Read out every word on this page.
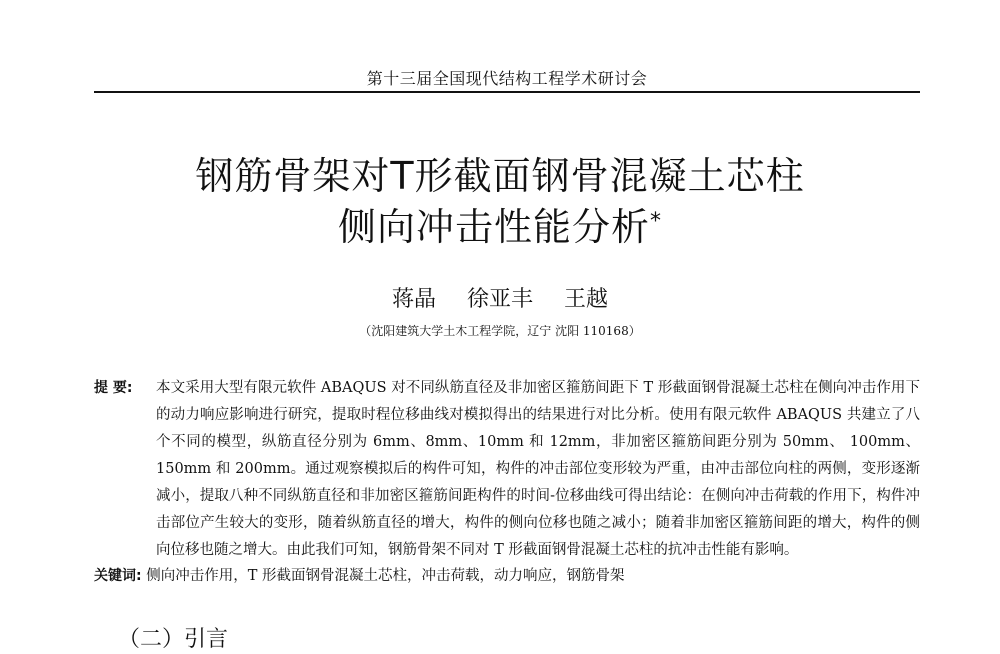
第十三届全国现代结构工程学术研讨会
钢筋骨架对T形截面钢骨混凝土芯柱
侧向冲击性能分析*
蒋晶 徐亚丰 王越
（沈阳建筑大学土木工程学院，辽宁 沈阳 110168）
提 要: 本文采用大型有限元软件 ABAQUS 对不同纵筋直径及非加密区箍筋间距下 T 形截面钢骨混凝土芯柱在侧向冲击作用下的动力响应影响进行研究，提取时程位移曲线对模拟得出的结果进行对比分析。使用有限元软件 ABAQUS 共建立了八个不同的模型，纵筋直径分别为 6mm、8mm、10mm 和 12mm，非加密区箍筋间距分别为 50mm、 100mm、150mm 和 200mm。通过观察模拟后的构件可知，构件的冲击部位变形较为严重，由冲击部位向柱的两侧，变形逐渐减小，提取八种不同纵筋直径和非加密区箍筋间距构件的时间-位移曲线可得出结论：在侧向冲击荷载的作用下，构件冲击部位产生较大的变形，随着纵筋直径的增大，构件的侧向位移也随之减小；随着非加密区箍筋间距的增大，构件的侧向位移也随之增大。由此我们可知，钢筋骨架不同对 T 形截面钢骨混凝土芯柱的抗冲击性能有影响。
关键词: 侧向冲击作用，T 形截面钢骨混凝土芯柱，冲击荷载，动力响应，钢筋骨架
（二）引言
